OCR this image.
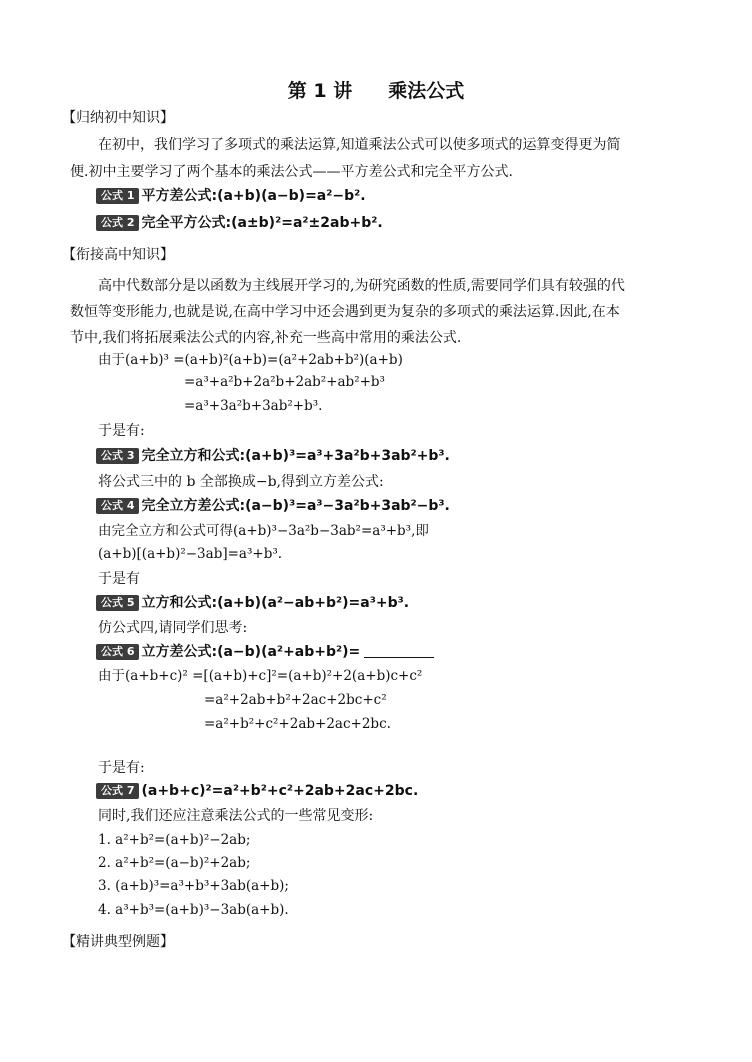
第 1 讲 乘法公式
【归纳初中知识】
在初中，我们学习了多项式的乘法运算,知道乘法公式可以使多项式的运算变得更为简
便.初中主要学习了两个基本的乘法公式——平方差公式和完全平方公式.
公式 1 平方差公式:(a+b)(a−b)=a²−b².
公式 2 完全平方公式:(a±b)²=a²±2ab+b².
【衔接高中知识】
高中代数部分是以函数为主线展开学习的,为研究函数的性质,需要同学们具有较强的代
数恒等变形能力,也就是说,在高中学习中还会遇到更为复杂的多项式的乘法运算.因此,在本
节中,我们将拓展乘法公式的内容,补充一些高中常用的乘法公式.
由于(a+b)³ =(a+b)²(a+b)=(a²+2ab+b²)(a+b)
=a³+a²b+2a²b+2ab²+ab²+b³
=a³+3a²b+3ab²+b³.
于是有:
公式 3 完全立方和公式:(a+b)³=a³+3a²b+3ab²+b³.
将公式三中的 b 全部换成−b,得到立方差公式:
公式 4 完全立方差公式:(a−b)³=a³−3a²b+3ab²−b³.
由完全立方和公式可得(a+b)³−3a²b−3ab²=a³+b³,即
(a+b)[(a+b)²−3ab]=a³+b³.
于是有
公式 5 立方和公式:(a+b)(a²−ab+b²)=a³+b³.
仿公式四,请同学们思考:
公式 6 立方差公式:(a−b)(a²+ab+b²)=
由于(a+b+c)² =[(a+b)+c]²=(a+b)²+2(a+b)c+c²
=a²+2ab+b²+2ac+2bc+c²
=a²+b²+c²+2ab+2ac+2bc.
于是有:
公式 7 (a+b+c)²=a²+b²+c²+2ab+2ac+2bc.
同时,我们还应注意乘法公式的一些常见变形:
1. a²+b²=(a+b)²−2ab;
2. a²+b²=(a−b)²+2ab;
3. (a+b)³=a³+b³+3ab(a+b);
4. a³+b³=(a+b)³−3ab(a+b).
【精讲典型例题】
